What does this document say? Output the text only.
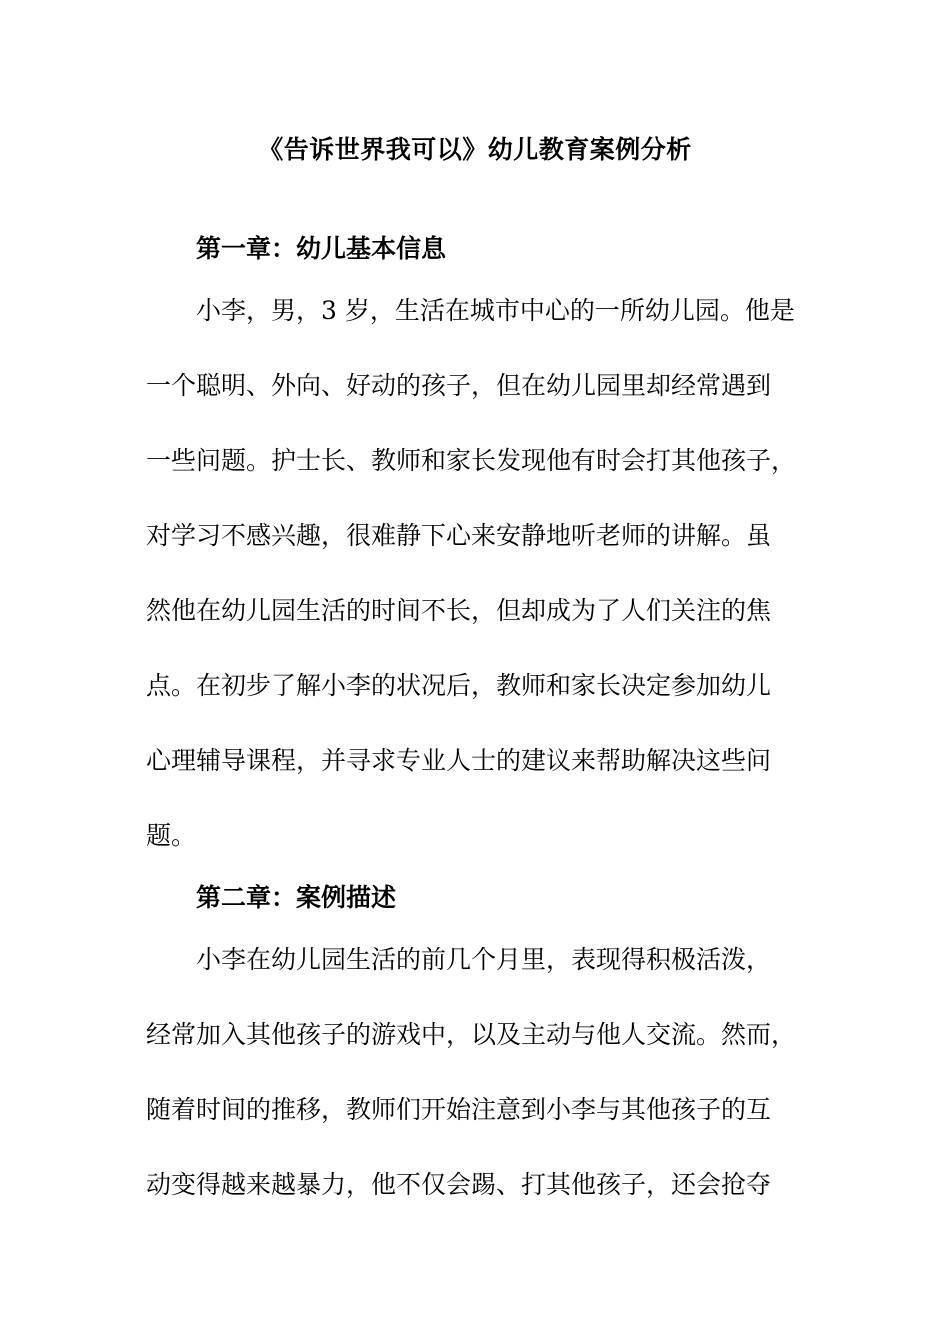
《告诉世界我可以》幼儿教育案例分析
第一章：幼儿基本信息
小李，男，3 岁，生活在城市中心的一所幼儿园。他是
一个聪明、外向、好动的孩子，但在幼儿园里却经常遇到
一些问题。护士长、教师和家长发现他有时会打其他孩子，
对学习不感兴趣，很难静下心来安静地听老师的讲解。虽
然他在幼儿园生活的时间不长，但却成为了人们关注的焦
点。在初步了解小李的状况后，教师和家长决定参加幼儿
心理辅导课程，并寻求专业人士的建议来帮助解决这些问
题。
第二章：案例描述
小李在幼儿园生活的前几个月里，表现得积极活泼，
经常加入其他孩子的游戏中，以及主动与他人交流。然而，
随着时间的推移，教师们开始注意到小李与其他孩子的互
动变得越来越暴力，他不仅会踢、打其他孩子，还会抢夺
